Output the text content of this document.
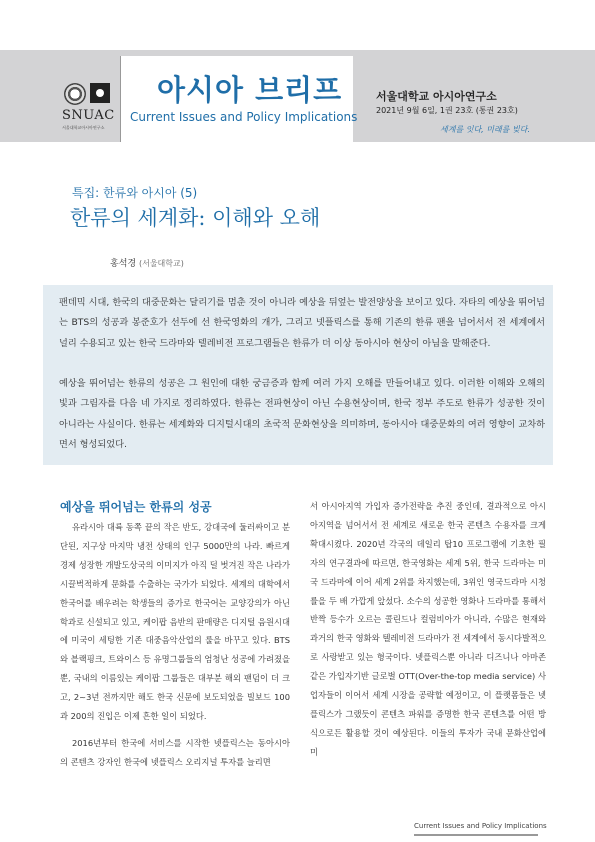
SNUAC
서울대학교아시아연구소
아시아 브리프
Current Issues and Policy Implications
서울대학교 아시아연구소
2021년 9월 6일, 1권 23호 (통권 23호)
세계를 잇다, 미래를 빚다.
특집: 한류와 아시아 (5)
한류의 세계화: 이해와 오해
홍석경 (서울대학교)

팬데믹 시대, 한국의 대중문화는 달리기를 멈춘 것이 아니라 예상을 뒤엎는 발전양상을 보이고 있다. 자타의 예상을 뛰어넘는 BTS의 성공과 봉준호가 선두에 선 한국영화의 개가, 그리고 넷플릭스를 통해 기존의 한류 팬을 넘어서서 전 세계에서 널리 수용되고 있는 한국 드라마와 텔레비전 프로그램들은 한류가 더 이상 동아시아 현상이 아님을 말해준다.

예상을 뛰어넘는 한류의 성공은 그 원인에 대한 궁금증과 함께 여러 가지 오해를 만들어내고 있다. 이러한 이해와 오해의 빛과 그림자를 다음 네 가지로 정리하였다. 한류는 전파현상이 아닌 수용현상이며, 한국 정부 주도로 한류가 성공한 것이 아니라는 사실이다. 한류는 세계화와 디지털시대의 초국적 문화현상을 의미하며, 동아시아 대중문화의 여러 영향이 교차하면서 형성되었다.

예상을 뛰어넘는 한류의 성공

유라시아 대륙 동쪽 끝의 작은 반도, 강대국에 둘러싸이고 분단된, 지구상 마지막 냉전 상태의 인구 5000만의 나라. 빠르게 경제 성장한 개발도상국의 이미지가 아직 덜 벗겨진 작은 나라가 시끌벅적하게 문화를 수출하는 국가가 되었다. 세계의 대학에서 한국어를 배우려는 학생들의 증가로 한국어는 교양강의가 아닌 학과로 신설되고 있고, 케이팝 음반의 판매량은 디지털 음원시대에 미국이 세팅한 기존 대중음악산업의 룰을 바꾸고 있다. BTS와 블랙핑크, 트와이스 등 유명그룹들의 엄청난 성공에 가려졌을 뿐, 국내의 이름있는 케이팝 그룹들은 대부분 해외 팬덤이 더 크고, 2~3년 전까지만 해도 한국 신문에 보도되었을 빌보드 100과 200의 진입은 이제 흔한 일이 되었다.

2016년부터 한국에 서비스를 시작한 넷플릭스는 동아시아의 콘텐츠 강자인 한국에 넷플릭스 오리지널 투자를 늘리면

서 아시아지역 가입자 증가전략을 추진 중인데, 결과적으로 아시아지역을 넘어서서 전 세계로 새로운 한국 콘텐츠 수용자를 크게 확대시켰다. 2020년 각국의 데일리 탑10 프로그램에 기초한 필자의 연구결과에 따르면, 한국영화는 세계 5위, 한국 드라마는 미국 드라마에 이어 세계 2위를 차지했는데, 3위인 영국드라마 시청률을 두 배 가깝게 앞섰다. 소수의 성공한 영화나 드라마를 통해서 반짝 등수가 오르는 콜린드나 컬럼비아가 아니라, 수많은 현재와 과거의 한국 영화와 텔레비전 드라마가 전 세계에서 동시다발적으로 사랑받고 있는 형국이다. 넷플릭스뿐 아니라 디즈니나 아마존 같은 가입자기반 글로벌 OTT(Over-the-top media service) 사업자들이 이어서 세계 시장을 공략할 예정이고, 이 플랫폼들은 넷플릭스가 그랬듯이 콘텐츠 파워를 증명한 한국 콘텐츠를 어떤 방식으로든 활용할 것이 예상된다. 이들의 투자가 국내 문화산업에 미

Current Issues and Policy Implications
